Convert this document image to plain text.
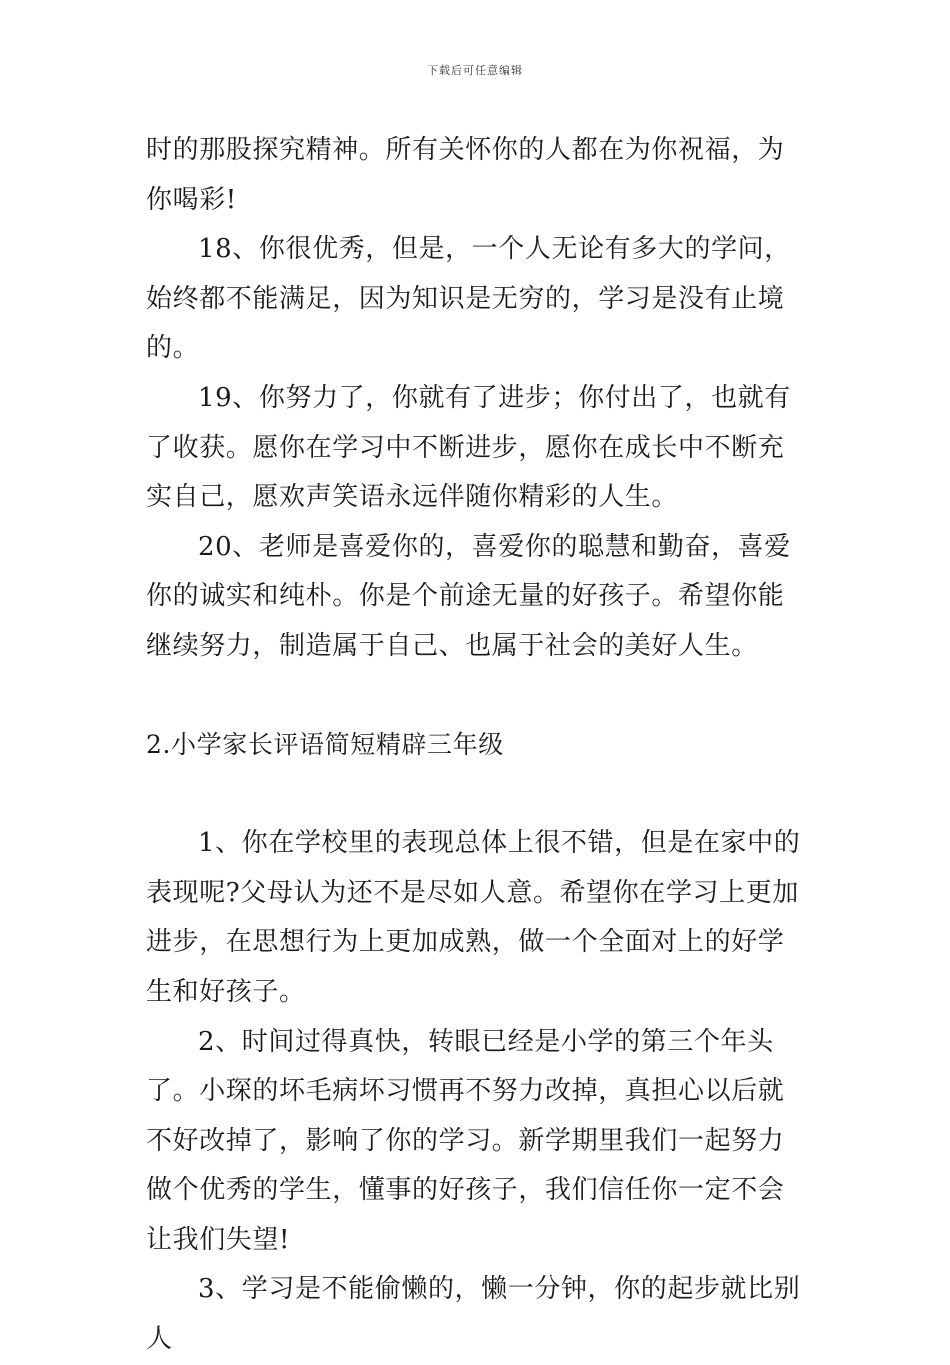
下载后可任意编辑

时的那股探究精神。所有关怀你的人都在为你祝福，为你喝彩!

18、你很优秀，但是，一个人无论有多大的学问，始终都不能满足，因为知识是无穷的，学习是没有止境的。

19、你努力了，你就有了进步；你付出了，也就有了收获。愿你在学习中不断进步，愿你在成长中不断充实自己，愿欢声笑语永远伴随你精彩的人生。

20、老师是喜爱你的，喜爱你的聪慧和勤奋，喜爱你的诚实和纯朴。你是个前途无量的好孩子。希望你能继续努力，制造属于自己、也属于社会的美好人生。

2.小学家长评语简短精辟三年级

1、你在学校里的表现总体上很不错，但是在家中的表现呢?父母认为还不是尽如人意。希望你在学习上更加进步，在思想行为上更加成熟，做一个全面对上的好学生和好孩子。

2、时间过得真快，转眼已经是小学的第三个年头了。小琛的坏毛病坏习惯再不努力改掉，真担心以后就不好改掉了，影响了你的学习。新学期里我们一起努力做个优秀的学生，懂事的好孩子，我们信任你一定不会让我们失望!

3、学习是不能偷懒的，懒一分钟，你的起步就比别人
